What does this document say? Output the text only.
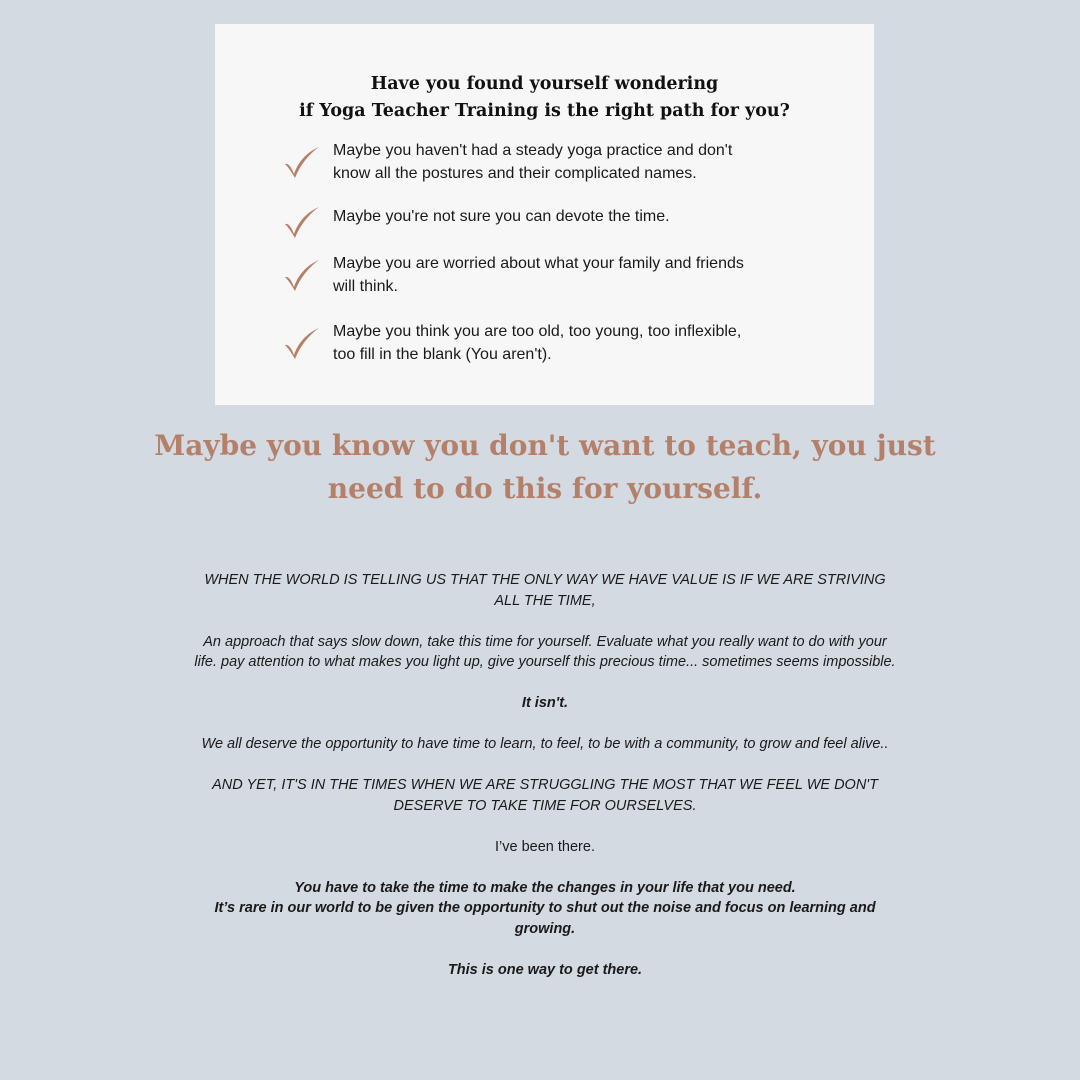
Have you found yourself wondering
if Yoga Teacher Training is the right path for you?
Maybe you haven't had a steady yoga practice and don't know all the postures and their complicated names.
Maybe you're not sure you can devote the time.
Maybe you are worried about what your family and friends will think.
Maybe you think you are too old, too young, too inflexible, too fill in the blank (You aren't).
Maybe you know you don't want to teach, you just need to do this for yourself.

WHEN THE WORLD IS TELLING US THAT THE ONLY WAY WE HAVE VALUE IS IF WE ARE STRIVING ALL THE TIME,

An approach that says slow down, take this time for yourself. Evaluate what you really want to do with your life. pay attention to what makes you light up, give yourself this precious time... sometimes seems impossible.

It isn't.

We all deserve the opportunity to have time to learn, to feel, to be with a community, to grow and feel alive..

AND YET, IT'S IN THE TIMES WHEN WE ARE STRUGGLING THE MOST THAT WE FEEL WE DON'T DESERVE TO TAKE TIME FOR OURSELVES.

I’ve been there.

You have to take the time to make the changes in your life that you need.
It’s rare in our world to be given the opportunity to shut out the noise and focus on learning and growing.

This is one way to get there.
